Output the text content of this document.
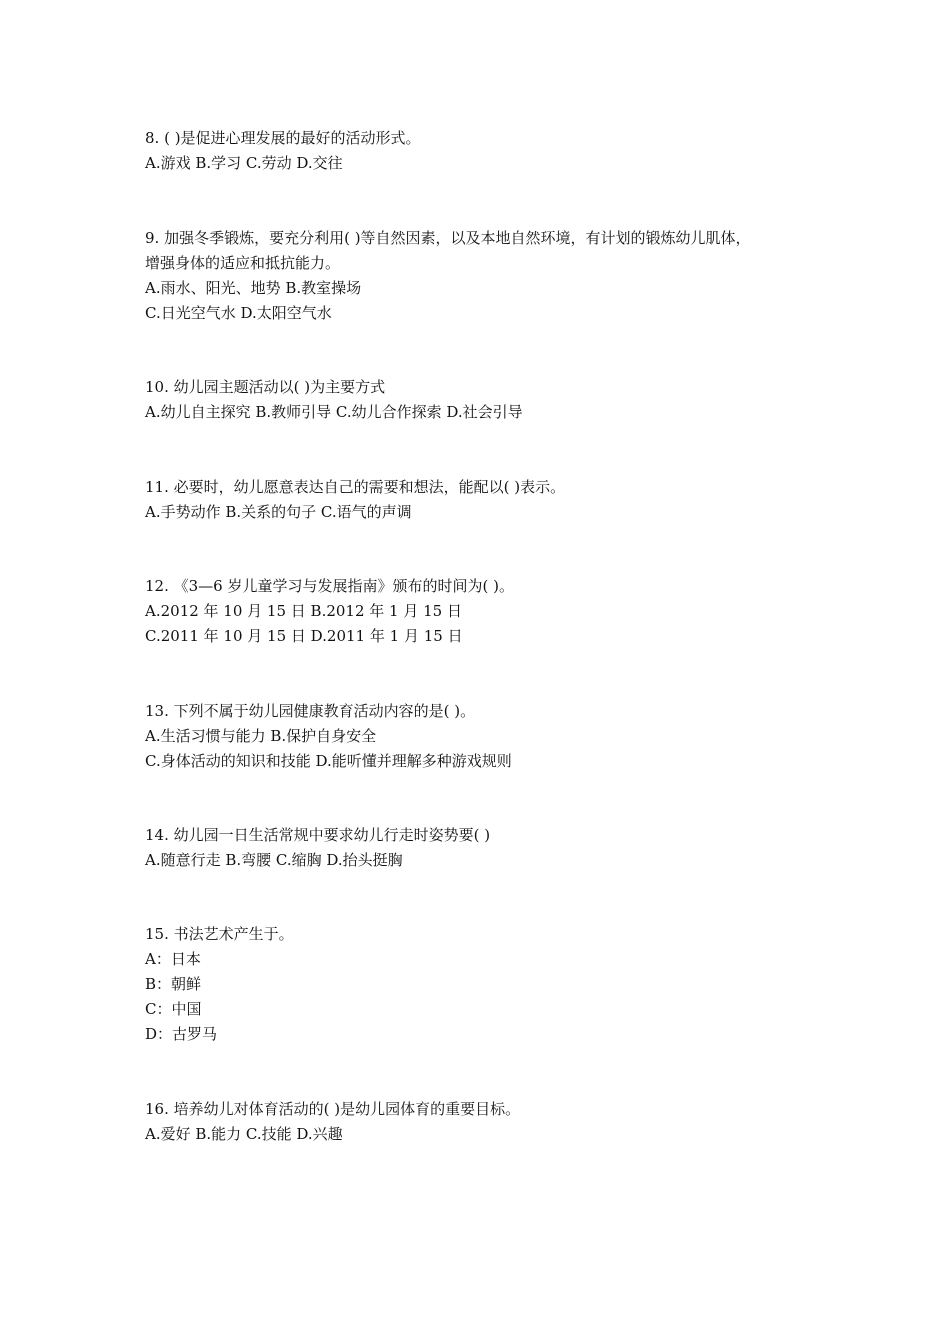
8. ( )是促进心理发展的最好的活动形式。
A.游戏 B.学习 C.劳动 D.交往
9. 加强冬季锻炼，要充分利用( )等自然因素，以及本地自然环境，有计划的锻炼幼儿肌体，
增强身体的适应和抵抗能力。
A.雨水、阳光、地势 B.教室操场
C.日光空气水 D.太阳空气水
10. 幼儿园主题活动以( )为主要方式
A.幼儿自主探究 B.教师引导 C.幼儿合作探索 D.社会引导
11. 必要时，幼儿愿意表达自己的需要和想法，能配以( )表示。
A.手势动作 B.关系的句子 C.语气的声调
12. 《3—6 岁儿童学习与发展指南》颁布的时间为( )。
A.2012 年 10 月 15 日 B.2012 年 1 月 15 日
C.2011 年 10 月 15 日 D.2011 年 1 月 15 日
13. 下列不属于幼儿园健康教育活动内容的是( )。
A.生活习惯与能力 B.保护自身安全
C.身体活动的知识和技能 D.能听懂并理解多种游戏规则
14. 幼儿园一日生活常规中要求幼儿行走时姿势要( )
A.随意行走 B.弯腰 C.缩胸 D.抬头挺胸
15. 书法艺术产生于。
A：日本
B：朝鲜
C：中国
D：古罗马
16. 培养幼儿对体育活动的( )是幼儿园体育的重要目标。
A.爱好 B.能力 C.技能 D.兴趣
